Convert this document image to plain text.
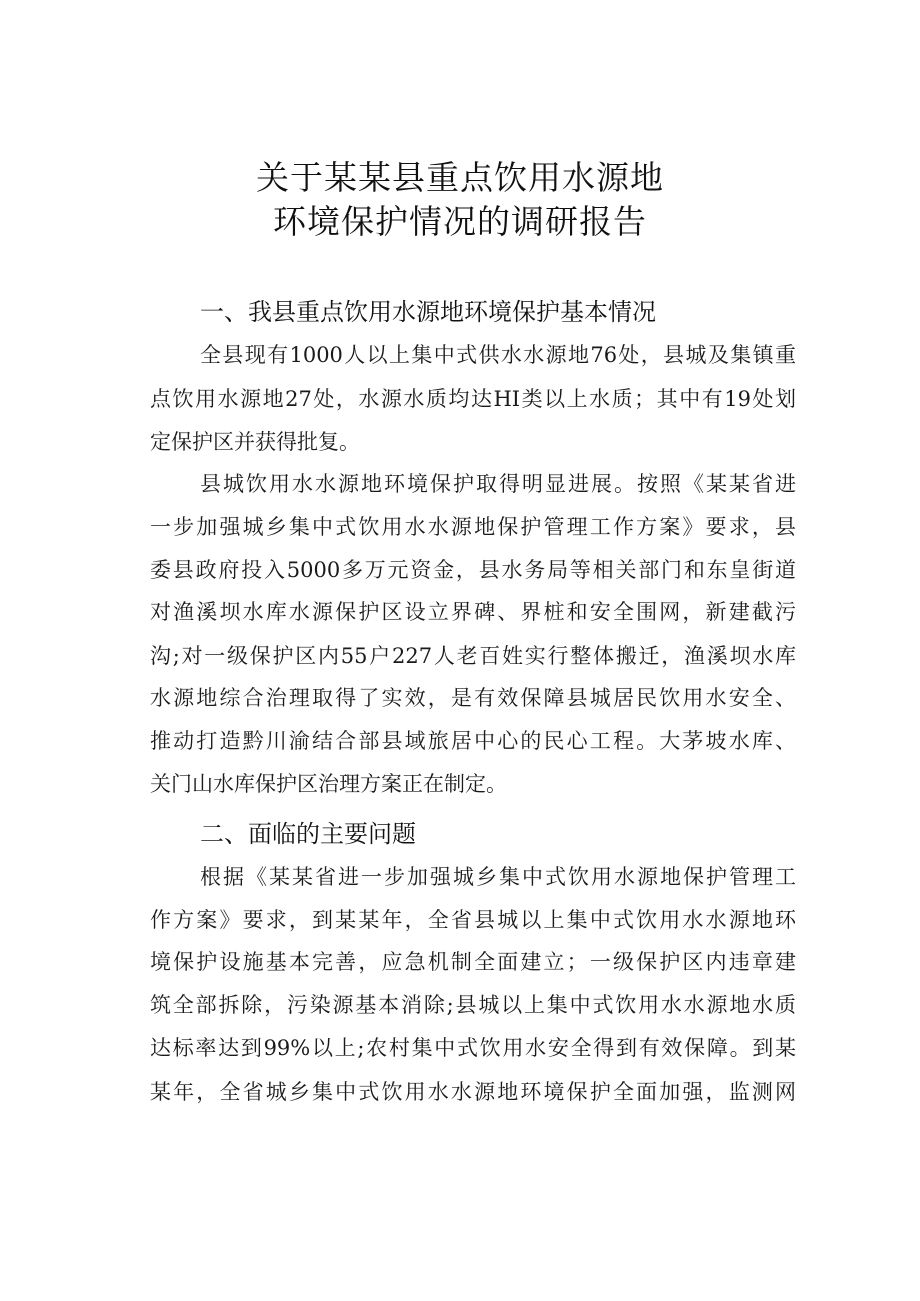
关于某某县重点饮用水源地
环境保护情况的调研报告
一、我县重点饮用水源地环境保护基本情况
全县现有1000人以上集中式供水水源地76处，县城及集镇重
点饮用水源地27处，水源水质均达HI类以上水质；其中有19处划
定保护区并获得批复。
县城饮用水水源地环境保护取得明显进展。按照《某某省进
一步加强城乡集中式饮用水水源地保护管理工作方案》要求，县
委县政府投入5000多万元资金，县水务局等相关部门和东皇街道
对渔溪坝水库水源保护区设立界碑、界桩和安全围网，新建截污
沟;对一级保护区内55户227人老百姓实行整体搬迁，渔溪坝水库
水源地综合治理取得了实效，是有效保障县城居民饮用水安全、
推动打造黔川渝结合部县域旅居中心的民心工程。大茅坡水库、
关门山水库保护区治理方案正在制定。
二、面临的主要问题
根据《某某省进一步加强城乡集中式饮用水源地保护管理工
作方案》要求，到某某年，全省县城以上集中式饮用水水源地环
境保护设施基本完善，应急机制全面建立；一级保护区内违章建
筑全部拆除，污染源基本消除;县城以上集中式饮用水水源地水质
达标率达到99%以上;农村集中式饮用水安全得到有效保障。到某
某年，全省城乡集中式饮用水水源地环境保护全面加强，监测网
